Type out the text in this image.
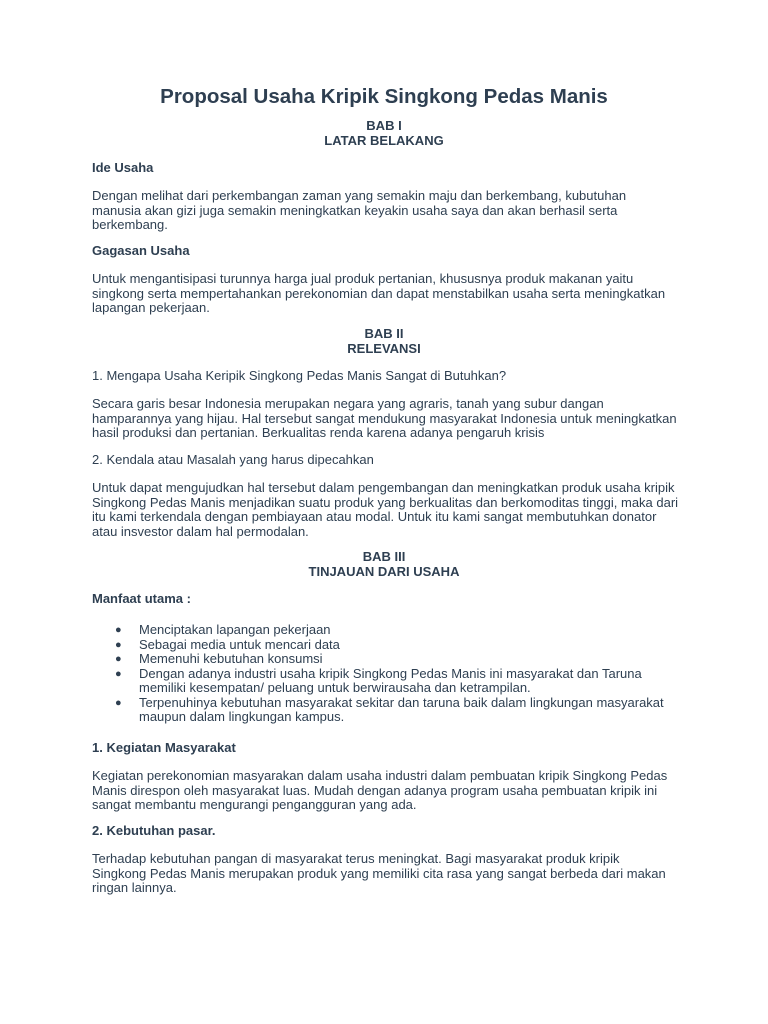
Proposal Usaha Kripik Singkong Pedas Manis
BAB I
LATAR BELAKANG
Ide Usaha
Dengan melihat dari perkembangan zaman yang semakin maju dan berkembang, kubutuhan
manusia akan gizi juga semakin meningkatkan keyakin usaha saya dan akan berhasil serta
berkembang.
Gagasan Usaha
Untuk mengantisipasi turunnya harga jual produk pertanian, khususnya produk makanan yaitu
singkong serta mempertahankan perekonomian dan dapat menstabilkan usaha serta meningkatkan
lapangan pekerjaan.
BAB II
RELEVANSI
1. Mengapa Usaha Keripik Singkong Pedas Manis Sangat di Butuhkan?
Secara garis besar Indonesia merupakan negara yang agraris, tanah yang subur dangan
hamparannya yang hijau. Hal tersebut sangat mendukung masyarakat Indonesia untuk meningkatkan
hasil produksi dan pertanian. Berkualitas renda karena adanya pengaruh krisis
2. Kendala atau Masalah yang harus dipecahkan
Untuk dapat mengujudkan hal tersebut dalam pengembangan dan meningkatkan produk usaha kripik
Singkong Pedas Manis menjadikan suatu produk yang berkualitas dan berkomoditas tinggi, maka dari
itu kami terkendala dengan pembiayaan atau modal. Untuk itu kami sangat membutuhkan donator
atau insvestor dalam hal permodalan.
BAB III
TINJAUAN DARI USAHA
Manfaat utama :
● Menciptakan lapangan pekerjaan
● Sebagai media untuk mencari data
● Memenuhi kebutuhan konsumsi
● Dengan adanya industri usaha kripik Singkong Pedas Manis ini masyarakat dan Taruna
memiliki kesempatan/ peluang untuk berwirausaha dan ketrampilan.
● Terpenuhinya kebutuhan masyarakat sekitar dan taruna baik dalam lingkungan masyarakat
maupun dalam lingkungan kampus.
1. Kegiatan Masyarakat
Kegiatan perekonomian masyarakan dalam usaha industri dalam pembuatan kripik Singkong Pedas
Manis direspon oleh masyarakat luas. Mudah dengan adanya program usaha pembuatan kripik ini
sangat membantu mengurangi pengangguran yang ada.
2. Kebutuhan pasar.
Terhadap kebutuhan pangan di masyarakat terus meningkat. Bagi masyarakat produk kripik
Singkong Pedas Manis merupakan produk yang memiliki cita rasa yang sangat berbeda dari makan
ringan lainnya.
